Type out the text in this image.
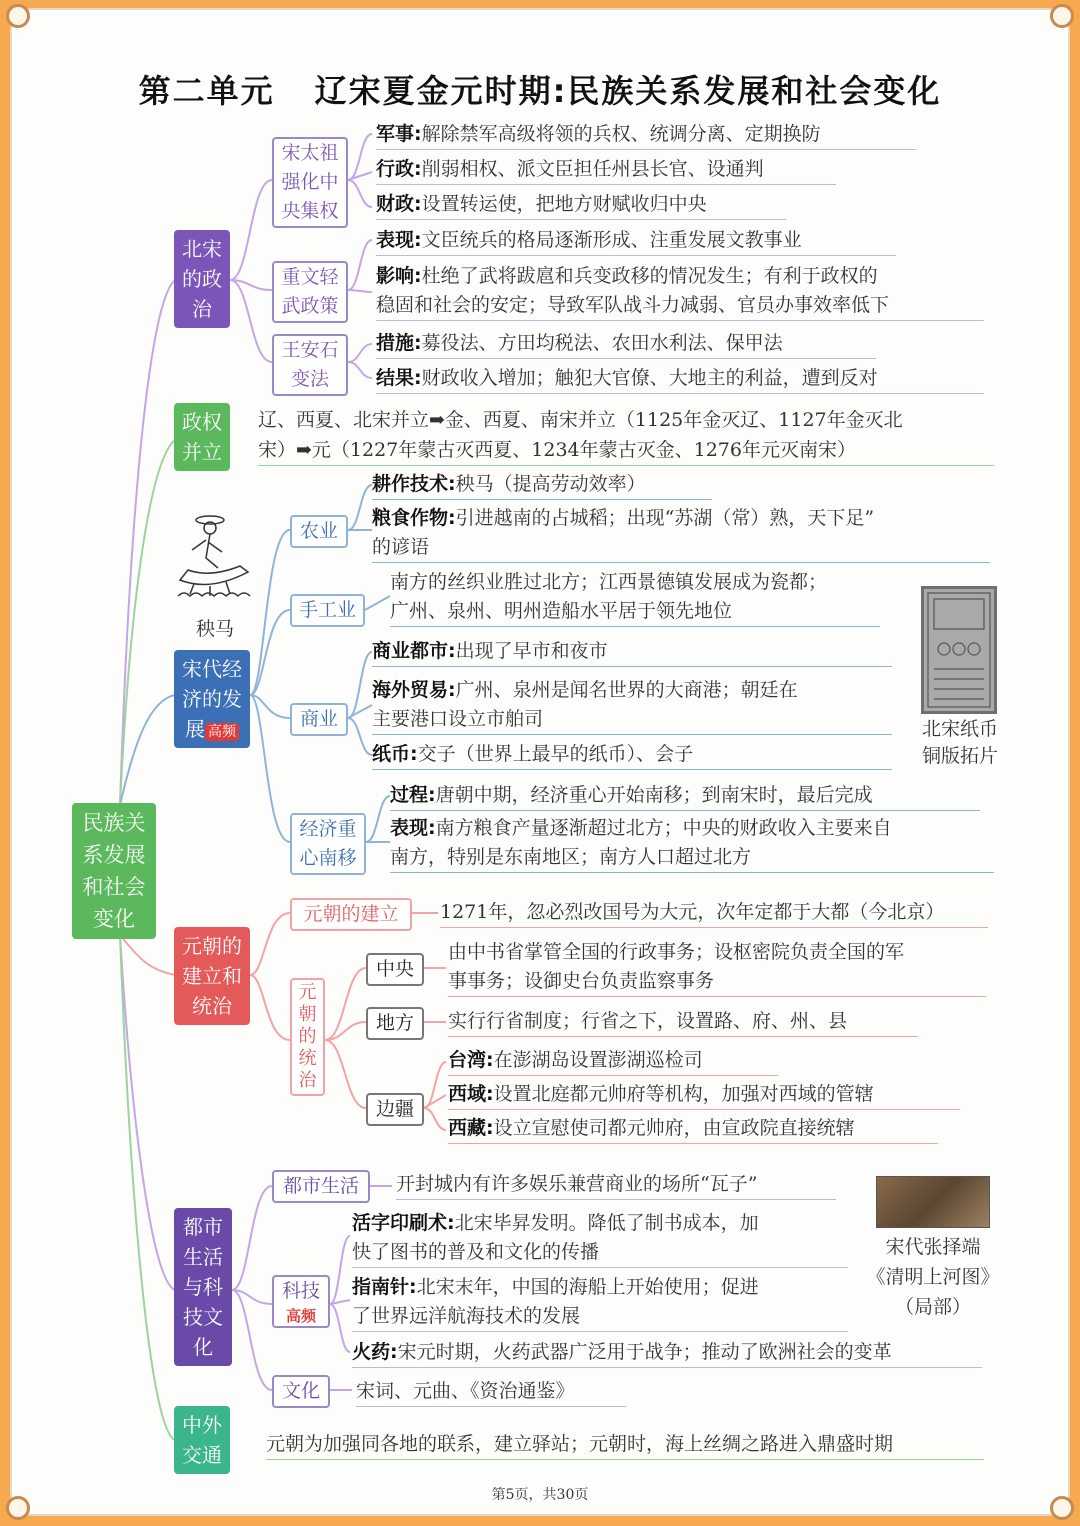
第二单元 辽宋夏金元时期:民族关系发展和社会变化
民族关系发展和社会变化
北宋的政治
宋太祖强化中央集权
军事:解除禁军高级将领的兵权、统调分离、定期换防
行政:削弱相权、派文臣担任州县长官、设通判
财政:设置转运使，把地方财赋收归中央
重文轻武政策
表现:文臣统兵的格局逐渐形成、注重发展文教事业
影响:杜绝了武将跋扈和兵变政移的情况发生；有利于政权的
稳固和社会的安定；导致军队战斗力减弱、官员办事效率低下
王安石变法
措施:募役法、方田均税法、农田水利法、保甲法
结果:财政收入增加；触犯大官僚、大地主的利益，遭到反对
政权并立
辽、西夏、北宋并立➡金、西夏、南宋并立（1125年金灭辽、1127年金灭北
宋）➡元（1227年蒙古灭西夏、1234年蒙古灭金、1276年元灭南宋）
秧马
宋代经济的发展 高频
农业
耕作技术:秧马（提高劳动效率）
粮食作物:引进越南的占城稻；出现“苏湖（常）熟，天下足”
的谚语
手工业
南方的丝织业胜过北方；江西景德镇发展成为瓷都；
广州、泉州、明州造船水平居于领先地位
北宋纸币铜版拓片
商业
商业都市:出现了早市和夜市
海外贸易:广州、泉州是闻名世界的大商港；朝廷在
主要港口设立市舶司
纸币:交子（世界上最早的纸币）、会子
经济重心南移
过程:唐朝中期，经济重心开始南移；到南宋时，最后完成
表现:南方粮食产量逐渐超过北方；中央的财政收入主要来自
南方，特别是东南地区；南方人口超过北方
元朝的建立和统治
元朝的建立	1271年，忽必烈改国号为大元，次年定都于大都（今北京）
元朝的统治
中央
由中书省掌管全国的行政事务；设枢密院负责全国的军
事事务；设御史台负责监察事务
地方	实行行省制度；行省之下，设置路、府、州、县
边疆
台湾:在澎湖岛设置澎湖巡检司
西域:设置北庭都元帅府等机构，加强对西域的管辖
西藏:设立宣慰使司都元帅府，由宣政院直接统辖
都市生活与科技文化
都市生活	开封城内有许多娱乐兼营商业的场所“瓦子”
科技
高频
活字印刷术:北宋毕昇发明。降低了制书成本，加
快了图书的普及和文化的传播
指南针:北宋末年，中国的海船上开始使用；促进
了世界远洋航海技术的发展
火药:宋元时期，火药武器广泛用于战争；推动了欧洲社会的变革
文化	宋词、元曲、《资治通鉴》
宋代张择端
《清明上河图》
（局部）
中外交通	元朝为加强同各地的联系，建立驿站；元朝时，海上丝绸之路进入鼎盛时期
第5页，共30页
